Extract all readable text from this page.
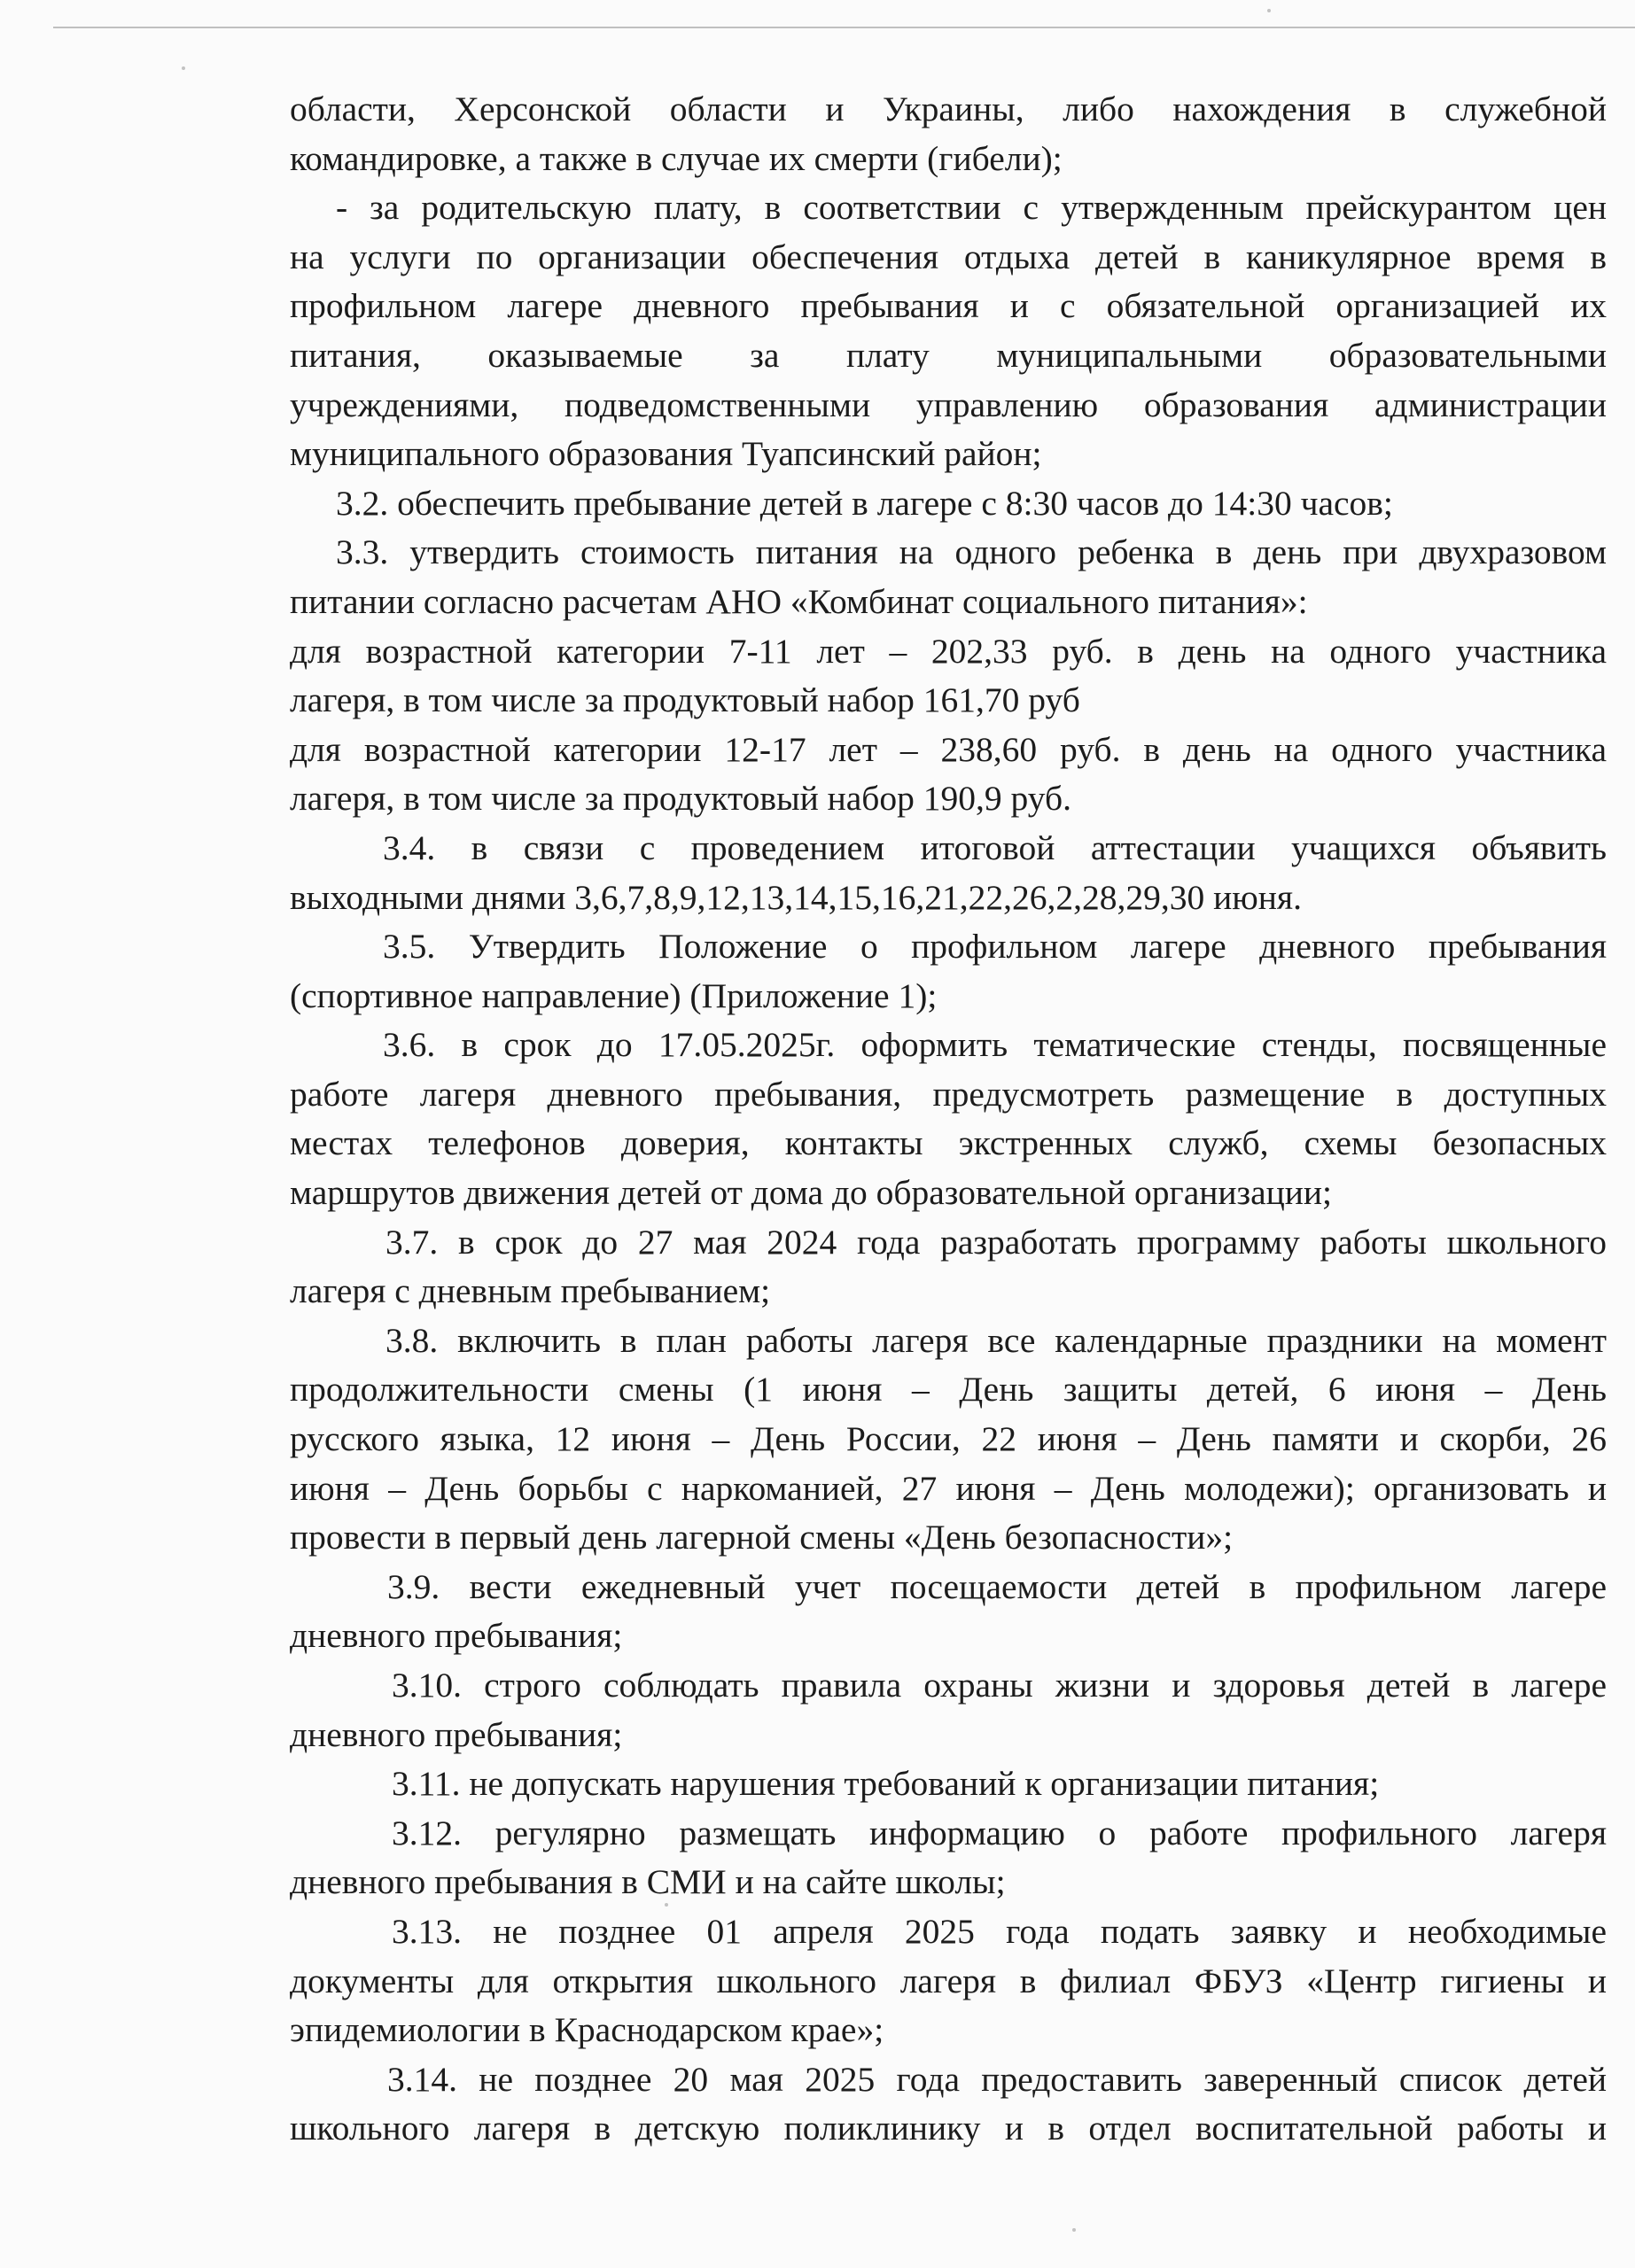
области, Херсонской области и Украины, либо нахождения в служебной
командировке, а также в случае их смерти (гибели);
- за родительскую плату, в соответствии с утвержденным прейскурантом цен
на услуги по организации обеспечения отдыха детей в каникулярное время в
профильном лагере дневного пребывания и с обязательной организацией их
питания, оказываемые за плату муниципальными образовательными
учреждениями, подведомственными управлению образования администрации
муниципального образования Туапсинский район;
3.2. обеспечить пребывание детей в лагере с 8:30 часов до 14:30 часов;
3.3. утвердить стоимость питания на одного ребенка в день при двухразовом
питании согласно расчетам АНО «Комбинат социального питания»:
для возрастной категории 7-11 лет – 202,33 руб. в день на одного участника
лагеря, в том числе за продуктовый набор 161,70 руб
для возрастной категории 12-17 лет – 238,60 руб. в день на одного участника
лагеря, в том числе за продуктовый набор 190,9 руб.
3.4. в связи с проведением итоговой аттестации учащихся объявить
выходными днями 3,6,7,8,9,12,13,14,15,16,21,22,26,2,28,29,30 июня.
3.5. Утвердить Положение о профильном лагере дневного пребывания
(спортивное направление) (Приложение 1);
3.6. в срок до 17.05.2025г. оформить тематические стенды, посвященные
работе лагеря дневного пребывания, предусмотреть размещение в доступных
местах телефонов доверия, контакты экстренных служб, схемы безопасных
маршрутов движения детей от дома до образовательной организации;
3.7. в срок до 27 мая 2024 года разработать программу работы школьного
лагеря с дневным пребыванием;
3.8. включить в план работы лагеря все календарные праздники на момент
продолжительности смены (1 июня – День защиты детей, 6 июня – День
русского языка, 12 июня – День России, 22 июня – День памяти и скорби, 26
июня – День борьбы с наркоманией, 27 июня – День молодежи); организовать и
провести в первый день лагерной смены «День безопасности»;
3.9. вести ежедневный учет посещаемости детей в профильном лагере
дневного пребывания;
3.10. строго соблюдать правила охраны жизни и здоровья детей в лагере
дневного пребывания;
3.11. не допускать нарушения требований к организации питания;
3.12. регулярно размещать информацию о работе профильного лагеря
дневного пребывания в СМИ и на сайте школы;
3.13. не позднее 01 апреля 2025 года подать заявку и необходимые
документы для открытия школьного лагеря в филиал ФБУЗ «Центр гигиены и
эпидемиологии в Краснодарском крае»;
3.14. не позднее 20 мая 2025 года предоставить заверенный список детей
школьного лагеря в детскую поликлинику и в отдел воспитательной работы и
